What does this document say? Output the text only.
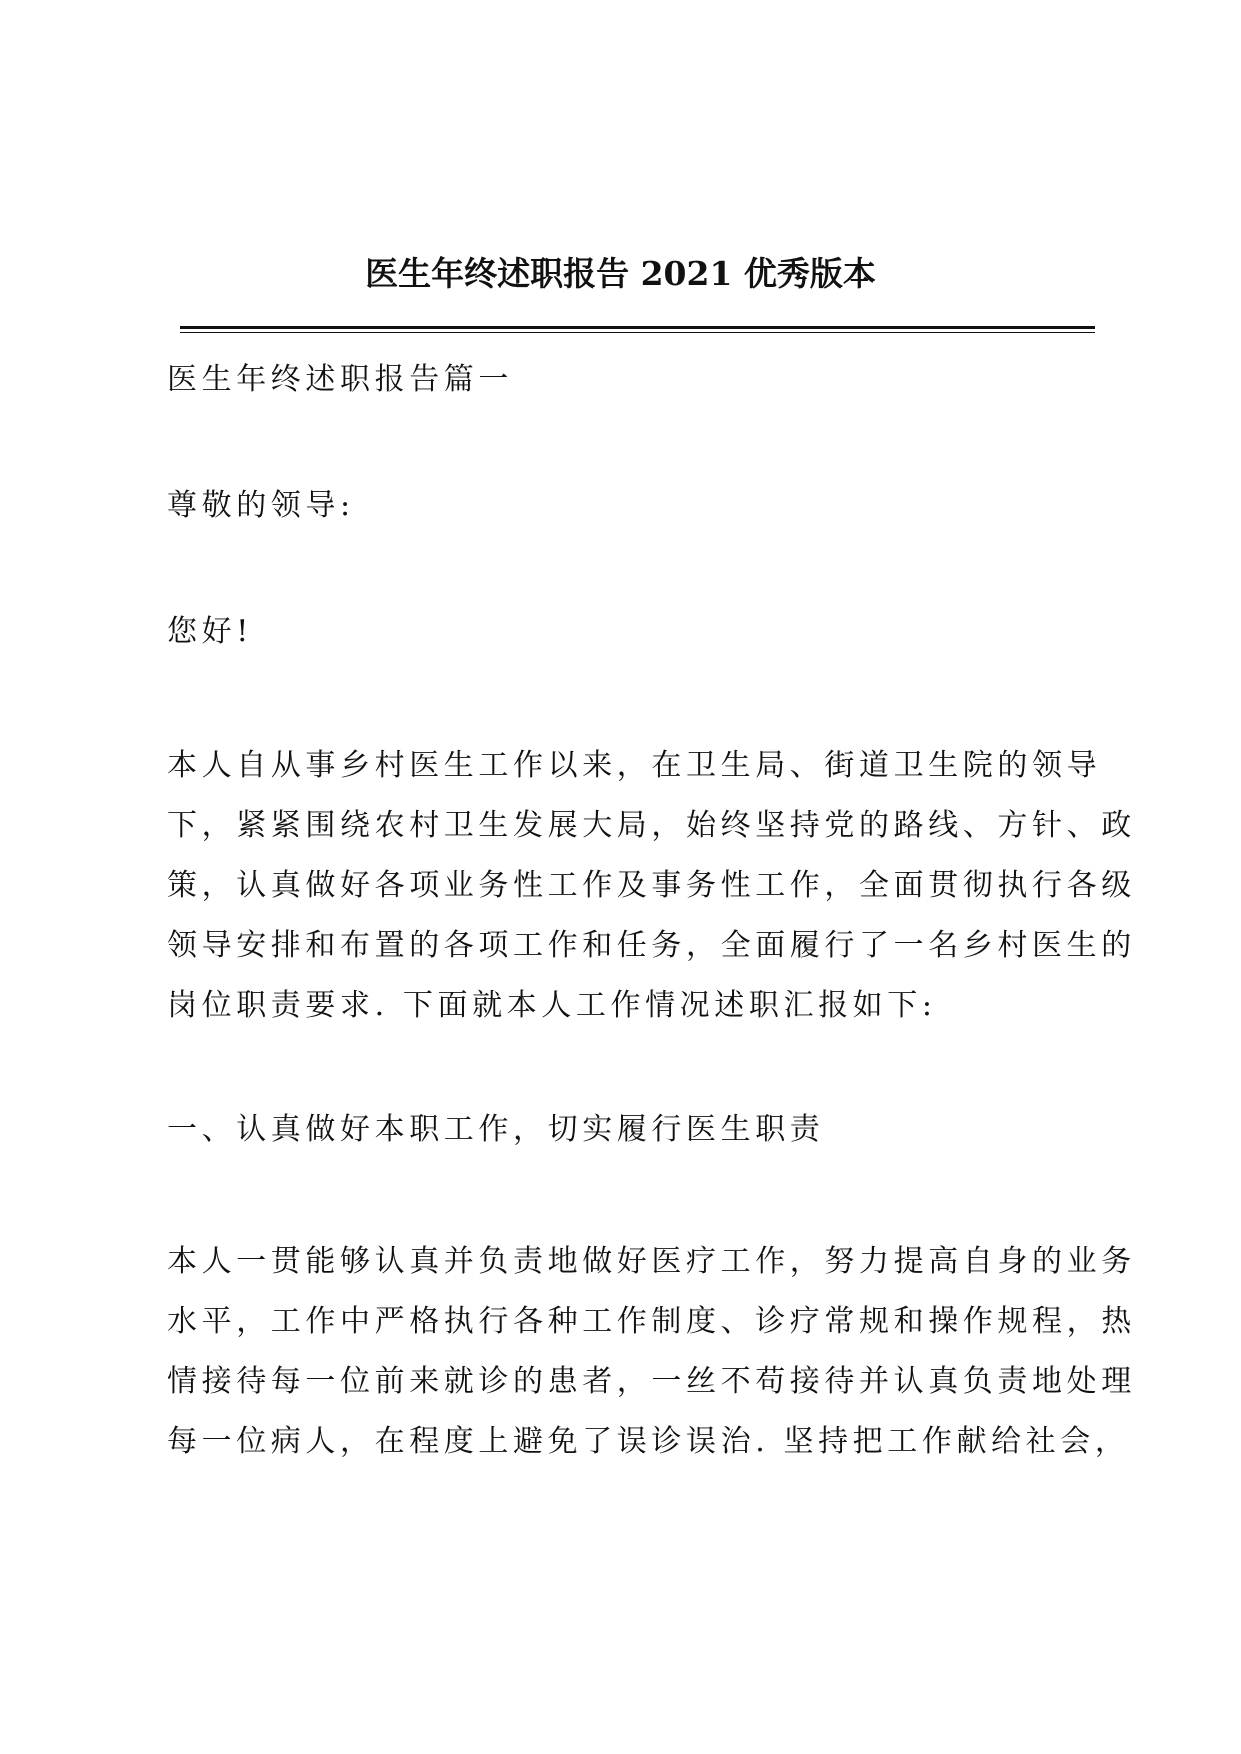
医生年终述职报告 2021 优秀版本
医生年终述职报告篇一
尊敬的领导:
您好!
本人自从事乡村医生工作以来，在卫生局、街道卫生院的领导
下，紧紧围绕农村卫生发展大局，始终坚持党的路线、方针、政
策，认真做好各项业务性工作及事务性工作，全面贯彻执行各级
领导安排和布置的各项工作和任务，全面履行了一名乡村医生的
岗位职责要求. 下面就本人工作情况述职汇报如下:
一、认真做好本职工作，切实履行医生职责
本人一贯能够认真并负责地做好医疗工作，努力提高自身的业务
水平，工作中严格执行各种工作制度、诊疗常规和操作规程，热
情接待每一位前来就诊的患者，一丝不苟接待并认真负责地处理
每一位病人，在程度上避免了误诊误治. 坚持把工作献给社会，
